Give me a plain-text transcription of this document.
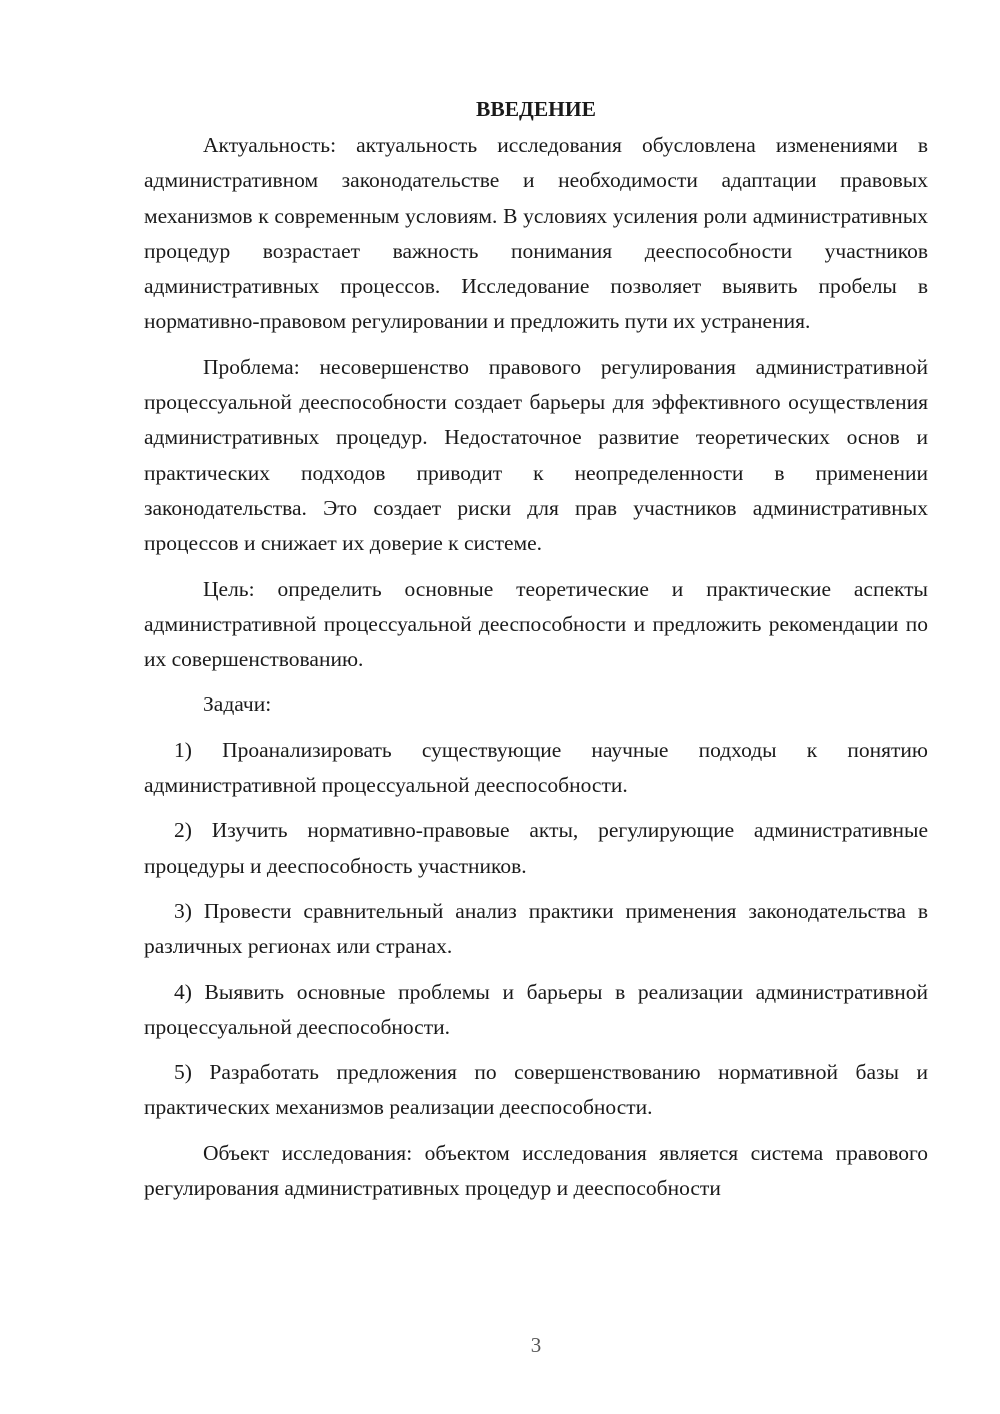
ВВЕДЕНИЕ

Актуальность: актуальность исследования обусловлена изменениями в административном законодательстве и необходимости адаптации правовых механизмов к современным условиям. В условиях усиления роли административных процедур возрастает важность понимания дееспособности участников административных процессов. Исследование позволяет выявить пробелы в нормативно-правовом регулировании и предложить пути их устранения.

Проблема: несовершенство правового регулирования административной процессуальной дееспособности создает барьеры для эффективного осуществления административных процедур. Недостаточное развитие теоретических основ и практических подходов приводит к неопределенности в применении законодательства. Это создает риски для прав участников административных процессов и снижает их доверие к системе.

Цель: определить основные теоретические и практические аспекты административной процессуальной дееспособности и предложить рекомендации по их совершенствованию.

Задачи:

1) Проанализировать существующие научные подходы к понятию административной процессуальной дееспособности.

2) Изучить нормативно-правовые акты, регулирующие административные процедуры и дееспособность участников.

3) Провести сравнительный анализ практики применения законодательства в различных регионах или странах.

4) Выявить основные проблемы и барьеры в реализации административной процессуальной дееспособности.

5) Разработать предложения по совершенствованию нормативной базы и практических механизмов реализации дееспособности.

Объект исследования: объектом исследования является система правового регулирования административных процедур и дееспособности

3
